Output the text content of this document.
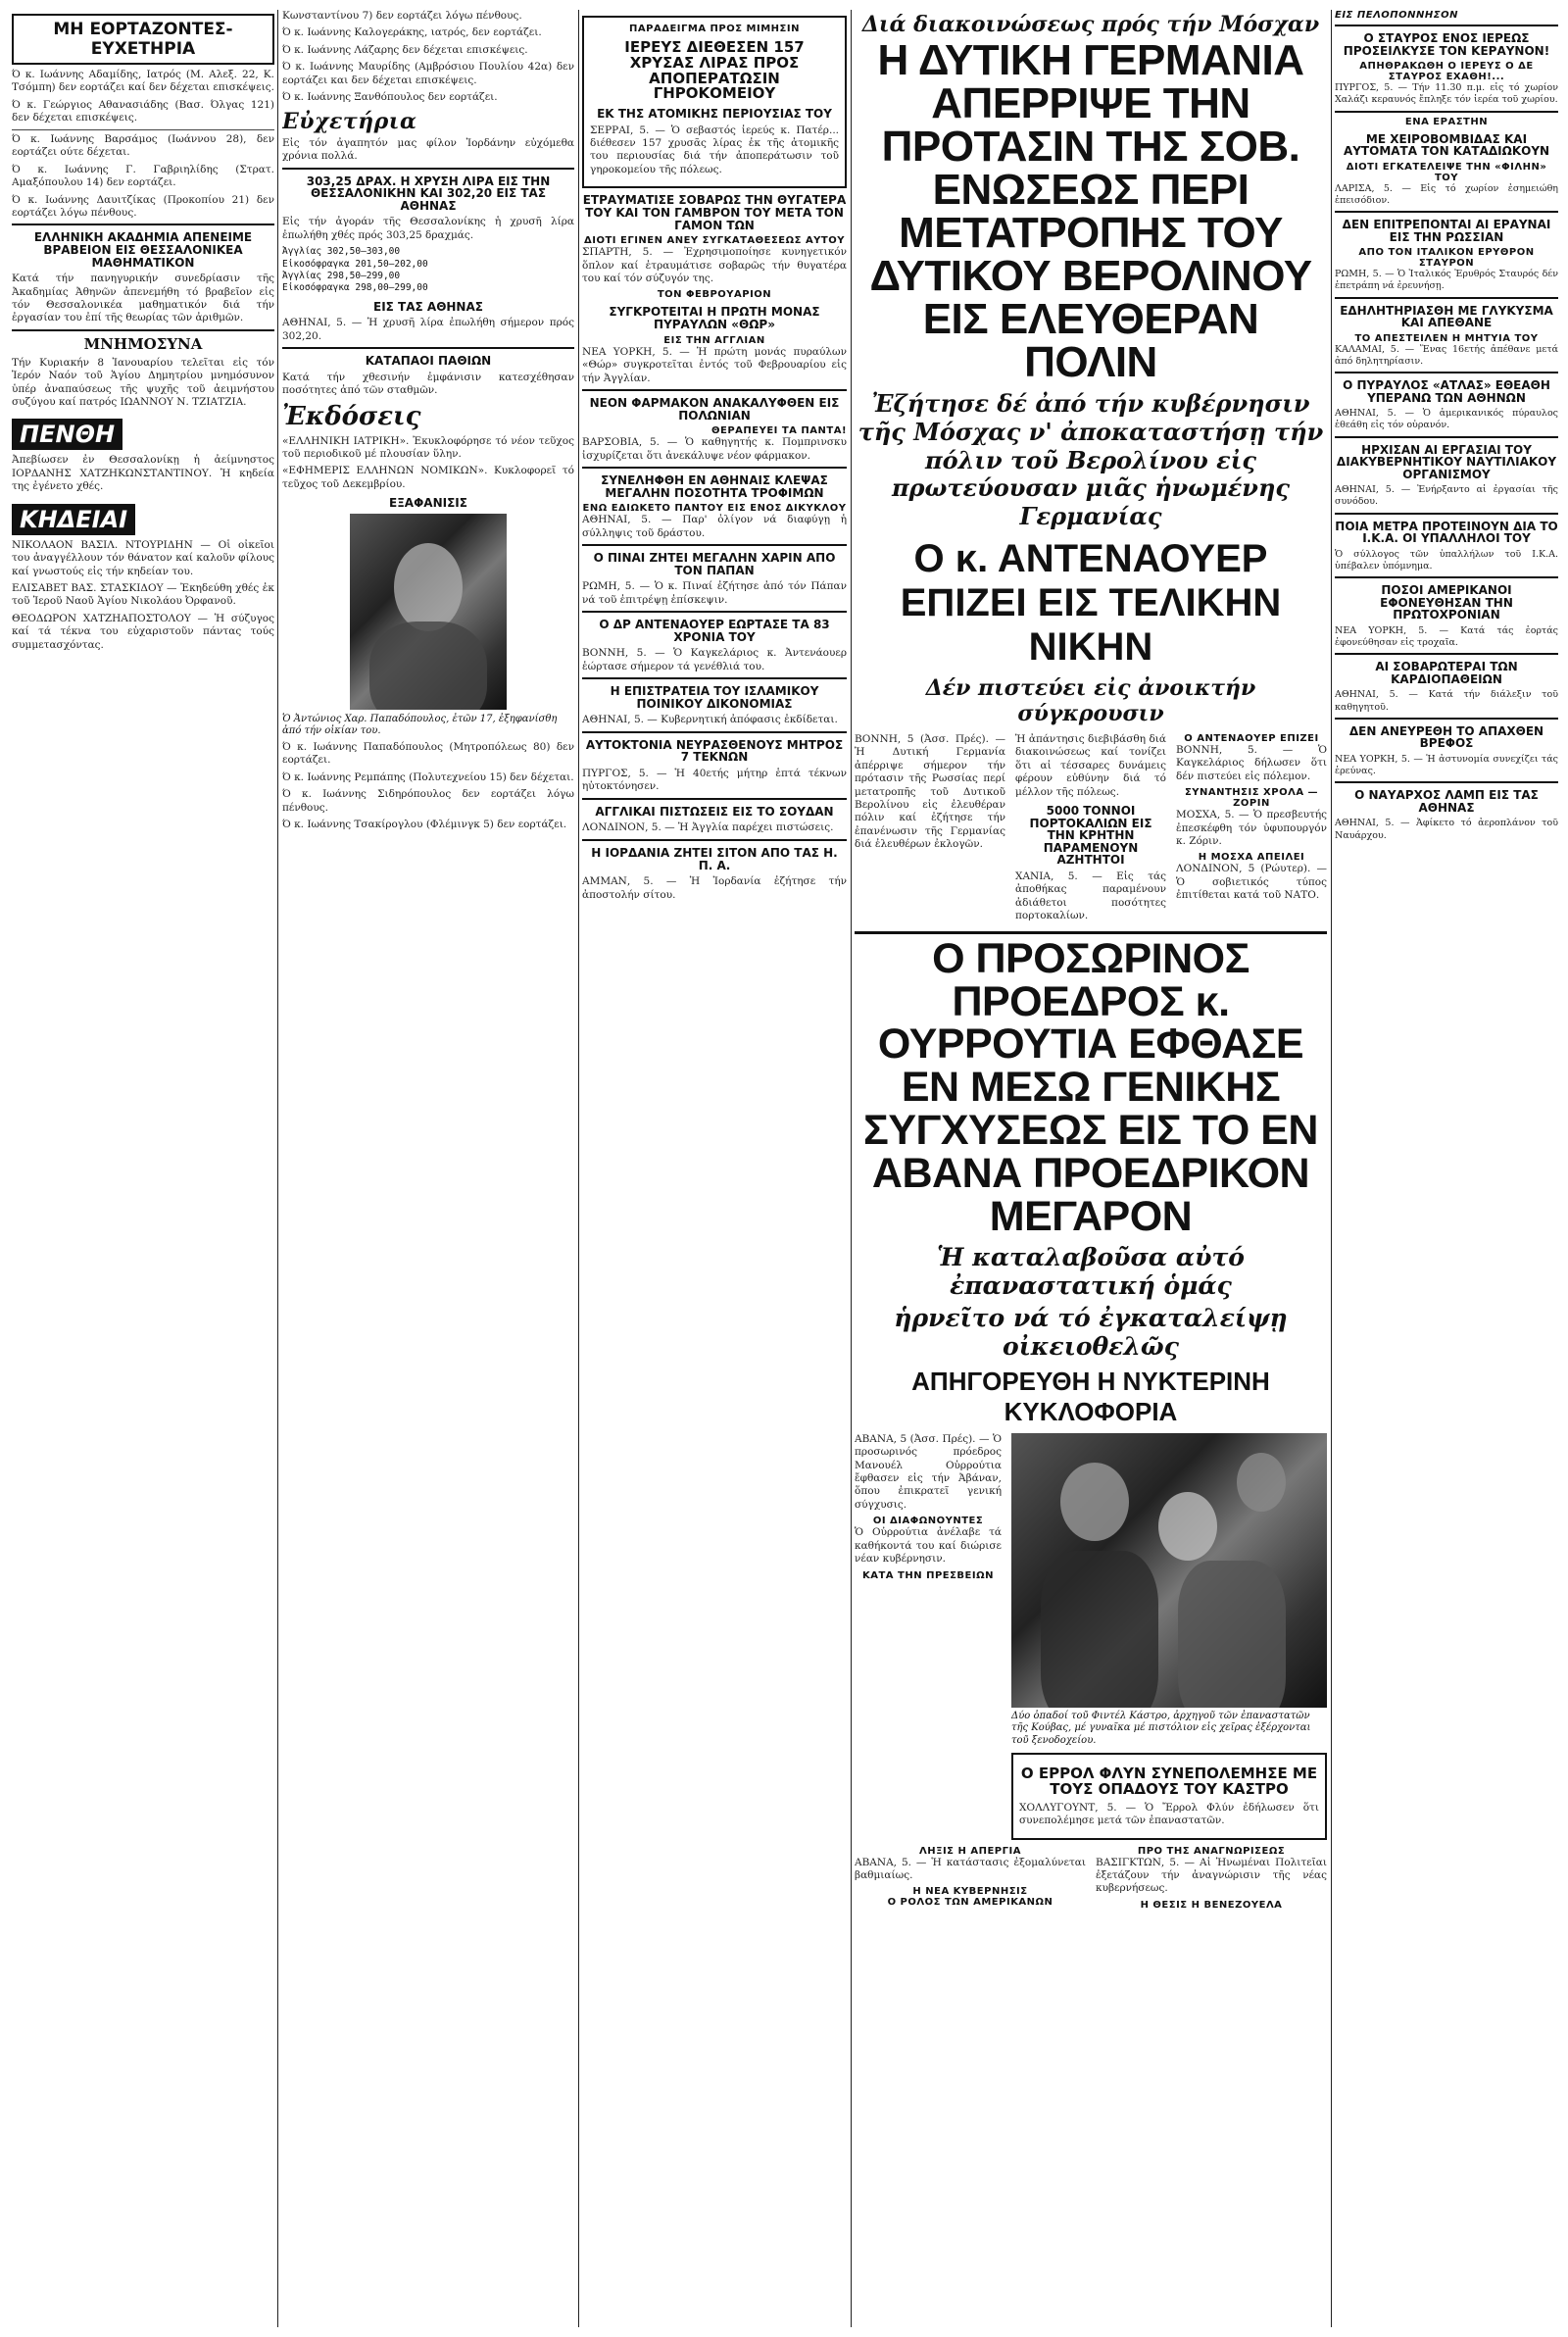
ΜΗ ΕΟΡΤΑΖΟΝΤΕΣ-ΕΥΧΕΤΗΡΙΑ

Ό κ. Ιωάννης Αδαμίδης, Ιατρός (Μ. Αλεξ. 22, Κ. Τσόμπη) δεν εορτάζει καί δεν δέχεται επισκέψεις.

Ό κ. Γεώργιος Αθανασιάδης (Βασ. Όλγας 121) δεν δέχεται επισκέψεις.

Ό κ. Ιωάννης Βαρσάμος (Ιωάννου 28), δεν εορτάζει ούτε δέχεται.

Ό κ. Ιωάννης Γ. Γαβριηλίδης (Στρατ. Αμαξόπουλου 14) δεν εορτάζει.

Ό κ. Ιωάννης Δαυιτζίκας (Προκοπίου 21) δεν εορτάζει λόγω πένθους.

ΕΛΛΗΝΙΚΗ ΑΚΑΔΗΜΙΑ ΑΠΕΝΕΙΜΕ ΒΡΑΒΕΙΟΝ ΕΙΣ ΘΕΣΣΑΛΟΝΙΚΕΑ ΜΑΘΗΜΑΤΙΚΟΝ

Κατά τήν πανηγυρικήν συνεδρίασιν τῆς Ἀκαδημίας Ἀθηνῶν ἀπενεμήθη τό βραβεῖον εἰς τόν Θεσσαλονικέα μαθηματικόν διά τήν ἐργασίαν του ἐπί τῆς θεωρίας τῶν ἀριθμῶν.

ΜΝΗΜΟΣΥΝΑ

Τήν Κυριακήν 8 Ἰανουαρίου τελεῖται εἰς τόν Ἱερόν Ναόν τοῦ Ἁγίου Δημητρίου μνημόσυνον ὑπέρ ἀναπαύσεως τῆς ψυχῆς τοῦ ἀειμνήστου συζύγου καί πατρός ΙΩΑΝΝΟΥ Ν. ΤΖΙΑΤΖΙΑ.

ΠΕΝΘΗ

Ἀπεβίωσεν ἐν Θεσσαλονίκῃ ἡ ἀείμνηστος ΙΟΡΔΑΝΗΣ ΧΑΤΖΗΚΩΝΣΤΑΝΤΙΝΟΥ. Ἡ κηδεία της ἐγένετο χθές.

ΚΗΔΕΙΑΙ

ΝΙΚΟΛΑΟΝ ΒΑΣΙΛ. ΝΤΟΥΡΙΔΗΝ — Οἱ οἰκεῖοι του ἀναγγέλλουν τόν θάνατον καί καλοῦν φίλους καί γνωστούς εἰς τήν κηδείαν του.

ΕΛΙΣΑΒΕΤ ΒΑΣ. ΣΤΑΣΚΙΔΟΥ — Ἐκηδεύθη χθές ἐκ τοῦ Ἱεροῦ Ναοῦ Ἁγίου Νικολάου Ὀρφανοῦ.

ΘΕΟΔΩΡΟΝ ΧΑΤΖΗΑΠΟΣΤΟΛΟΥ — Ἡ σύζυγος καί τά τέκνα του εὐχαριστοῦν πάντας τούς συμμετασχόντας.

Κωνσταντίνου 7) δεν εορτάζει λόγω πένθους.

Ό κ. Ιωάννης Καλογεράκης, ιατρός, δεν εορτάζει.

Ό κ. Ιωάννης Λάζαρης δεν δέχεται επισκέψεις.

Ό κ. Ιωάννης Μαυρίδης (Αμβρόσιου Πουλίου 42α) δεν εορτάζει και δεν δέχεται επισκέψεις.

Ό κ. Ιωάννης Ξανθόπουλος δεν εορτάζει.

Εὐχετήρια

Εἰς τόν ἀγαπητόν μας φίλον Ἰορδάνην εὐχόμεθα χρόνια πολλά.

303,25 ΔΡΑΧ. Η ΧΡΥΣΗ ΛΙΡΑ ΕΙΣ ΤΗΝ ΘΕΣΣΑΛΟΝΙΚΗΝ ΚΑΙ 302,20 ΕΙΣ ΤΑΣ ΑΘΗΝΑΣ

Εἰς τήν ἀγοράν τῆς Θεσσαλονίκης ἡ χρυσῆ λίρα ἐπωλήθη χθές πρός 303,25 δραχμάς.

Ἀγγλίας 302,50—303,00
Εἰκοσόφραγκα 201,50—202,00
Ἀγγλίας 298,50—299,00
Εἰκοσόφραγκα 298,00—299,00
ΕΙΣ ΤΑΣ ΑΘΗΝΑΣ

ΑΘΗΝΑΙ, 5. — Ἡ χρυσῆ λίρα ἐπωλήθη σήμερον πρός 302,20.

ΚΑΤΑΠΑΟΙ ΠΑΘΙΩΝ

Κατά τήν χθεσινήν ἐμφάνισιν κατεσχέθησαν ποσότητες ἀπό τῶν σταθμῶν.

Ἐκδόσεις

«ΕΛΛΗΝΙΚΗ ΙΑΤΡΙΚΗ». Ἐκυκλοφόρησε τό νέον τεῦχος τοῦ περιοδικοῦ μέ πλουσίαν ὕλην.

«ΕΦΗΜΕΡΙΣ ΕΛΛΗΝΩΝ ΝΟΜΙΚΩΝ». Κυκλοφορεῖ τό τεῦχος τοῦ Δεκεμβρίου.

ΕΞΑΦΑΝΙΣΙΣ

Ὁ Ἀντώνιος Χαρ. Παπαδόπουλος, ἐτῶν 17, ἐξηφανίσθη ἀπό τήν οἰκίαν του.

Ό κ. Ιωάννης Παπαδόπουλος (Μητροπόλεως 80) δεν εορτάζει.

Ό κ. Ιωάννης Ρεμπάπης (Πολυτεχνείου 15) δεν δέχεται.

Ό κ. Ιωάννης Σιδηρόπουλος δεν εορτάζει λόγω πένθους.

Ό κ. Ιωάννης Τσακίρογλου (Φλέμινγκ 5) δεν εορτάζει.

ΠΑΡΑΔΕΙΓΜΑ ΠΡΟΣ ΜΙΜΗΣΙΝ
ΙΕΡΕΥΣ ΔΙΕΘΕΣΕΝ 157 ΧΡΥΣΑΣ ΛΙΡΑΣ ΠΡΟΣ ΑΠΟΠΕΡΑΤΩΣΙΝ ΓΗΡΟΚΟΜΕΙΟΥ
ΕΚ ΤΗΣ ΑΤΟΜΙΚΗΣ ΠΕΡΙΟΥΣΙΑΣ ΤΟΥ

ΣΕΡΡΑΙ, 5. — Ὁ σεβαστός ἱερεύς κ. Πατέρ... διέθεσεν 157 χρυσᾶς λίρας ἐκ τῆς ἀτομικῆς του περιουσίας διά τήν ἀποπεράτωσιν τοῦ γηροκομείου τῆς πόλεως.

ΕΤΡΑΥΜΑΤΙΣΕ ΣΟΒΑΡΩΣ ΤΗΝ ΘΥΓΑΤΕΡΑ ΤΟΥ ΚΑΙ ΤΟΝ ΓΑΜΒΡΟΝ ΤΟΥ ΜΕΤΑ ΤΟΝ ΓΑΜΟΝ ΤΩΝ
ΔΙΟΤΙ ΕΓΙΝΕΝ ΑΝΕΥ ΣΥΓΚΑΤΑΘΕΣΕΩΣ ΑΥΤΟΥ

ΣΠΑΡΤΗ, 5. — Ἐχρησιμοποίησε κυνηγετικόν ὅπλον καί ἐτραυμάτισε σοβαρῶς τήν θυγατέρα του καί τόν σύζυγόν της.

ΤΟΝ ΦΕΒΡΟΥΑΡΙΟΝ
ΣΥΓΚΡΟΤΕΙΤΑΙ Η ΠΡΩΤΗ ΜΟΝΑΣ ΠΥΡΑΥΛΩΝ «ΘΩΡ»
ΕΙΣ ΤΗΝ ΑΓΓΛΙΑΝ

ΝΕΑ ΥΟΡΚΗ, 5. — Ἡ πρώτη μονάς πυραύλων «Θώρ» συγκροτεῖται ἐντός τοῦ Φεβρουαρίου εἰς τήν Ἀγγλίαν.

ΝΕΟΝ ΦΑΡΜΑΚΟΝ ΑΝΑΚΑΛΥΦΘΕΝ ΕΙΣ ΠΟΛΩΝΙΑΝ
ΘΕΡΑΠΕΥΕΙ ΤΑ ΠΑΝΤΑ!

ΒΑΡΣΟΒΙΑ, 5. — Ὁ καθηγητής κ. Πομπρινσκυ ἰσχυρίζεται ὅτι ἀνεκάλυψε νέον φάρμακον.

ΣΥΝΕΛΗΦΘΗ ΕΝ ΑΘΗΝΑΙΣ ΚΛΕΨΑΣ ΜΕΓΑΛΗΝ ΠΟΣΟΤΗΤΑ ΤΡΟΦΙΜΩΝ
ΕΝΩ ΕΔΙΩΚΕΤΟ ΠΑΝΤΟΥ ΕΙΣ ΕΝΟΣ ΔΙΚΥΚΛΟΥ

ΑΘΗΝΑΙ, 5. — Παρ' ὀλίγον νά διαφύγῃ ἡ σύλληψις τοῦ δράστου.

Ο ΠΙΝΑΙ ΖΗΤΕΙ ΜΕΓΑΛΗΝ ΧΑΡΙΝ ΑΠΟ ΤΟΝ ΠΑΠΑΝ

ΡΩΜΗ, 5. — Ὁ κ. Πιναί ἐζήτησε ἀπό τόν Πάπαν νά τοῦ ἐπιτρέψῃ ἐπίσκεψιν.

Ο ΔΡ ΑΝΤΕΝΑΟΥΕΡ ΕΩΡΤΑΣΕ ΤΑ 83 ΧΡΟΝΙΑ ΤΟΥ

ΒΟΝΝΗ, 5. — Ὁ Καγκελάριος κ. Ἀντενάουερ ἑώρτασε σήμερον τά γενέθλιά του.

Η ΕΠΙΣΤΡΑΤΕΙΑ ΤΟΥ ΙΣΛΑΜΙΚΟΥ ΠΟΙΝΙΚΟΥ ΔΙΚΟΝΟΜΙΑΣ

ΑΘΗΝΑΙ, 5. — Κυβερνητική ἀπόφασις ἐκδίδεται.

ΑΥΤΟΚΤΟΝΙΑ ΝΕΥΡΑΣΘΕΝΟΥΣ ΜΗΤΡΟΣ 7 ΤΕΚΝΩΝ

ΠΥΡΓΟΣ, 5. — Ἡ 40ετής μήτηρ ἑπτά τέκνων ηὐτοκτόνησεν.

ΑΓΓΛΙΚΑΙ ΠΙΣΤΩΣΕΙΣ ΕΙΣ ΤΟ ΣΟΥΔΑΝ

ΛΟΝΔΙΝΟΝ, 5. — Ἡ Ἀγγλία παρέχει πιστώσεις.

Η ΙΟΡΔΑΝΙΑ ΖΗΤΕΙ ΣΙΤΟΝ ΑΠΟ ΤΑΣ Η. Π. Α.

ΑΜΜΑΝ, 5. — Ἡ Ἰορδανία ἐζήτησε τήν ἀποστολήν σίτου.

Διά διακοινώσεως πρός τήν Μόσχαν
Η ΔΥΤΙΚΗ ΓΕΡΜΑΝΙΑ ΑΠΕΡΡΙΨΕ ΤΗΝ ΠΡΟΤΑΣΙΝ ΤΗΣ ΣΟΒ. ΕΝΩΣΕΩΣ ΠΕΡΙ ΜΕΤΑΤΡΟΠΗΣ ΤΟΥ ΔΥΤΙΚΟΥ ΒΕΡΟΛΙΝΟΥ ΕΙΣ ΕΛΕΥΘΕΡΑΝ ΠΟΛΙΝ
Ἐζήτησε δέ ἀπό τήν κυβέρνησιν τῆς Μόσχας ν' ἀποκαταστήσῃ τήν πόλιν τοῦ Βερολίνου εἰς πρωτεύουσαν μιᾶς ἡνωμένης Γερμανίας
Ο κ. ΑΝΤΕΝΑΟΥΕΡ ΕΠΙΖΕΙ ΕΙΣ ΤΕΛΙΚΗΝ ΝΙΚΗΝ
Δέν πιστεύει εἰς ἀνοικτήν σύγκρουσιν

ΒΟΝΝΗ, 5 (Ἀσσ. Πρές). — Ἡ Δυτική Γερμανία ἀπέρριψε σήμερον τήν πρότασιν τῆς Ρωσσίας περί μετατροπῆς τοῦ Δυτικοῦ Βερολίνου εἰς ἐλευθέραν πόλιν καί ἐζήτησε τήν ἐπανένωσιν τῆς Γερμανίας διά ἐλευθέρων ἐκλογῶν.

Ἡ ἀπάντησις διεβιβάσθη διά διακοινώσεως καί τονίζει ὅτι αἱ τέσσαρες δυνάμεις φέρουν εὐθύνην διά τό μέλλον τῆς πόλεως.

5000 ΤΟΝΝΟΙ ΠΟΡΤΟΚΑΛΙΩΝ ΕΙΣ ΤΗΝ ΚΡΗΤΗΝ ΠΑΡΑΜΕΝΟΥΝ ΑΖΗΤΗΤΟΙ

ΧΑΝΙΑ, 5. — Εἰς τάς ἀποθήκας παραμένουν ἀδιάθετοι ποσότητες πορτοκαλίων.

Ο ΑΝΤΕΝΑΟΥΕΡ ΕΠΙΖΕΙ

ΒΟΝΝΗ, 5. — Ὁ Καγκελάριος δήλωσεν ὅτι δέν πιστεύει εἰς πόλεμον.

ΣΥΝΑΝΤΗΣΙΣ ΧΡΟΛΑ — ΖΟΡΙΝ

ΜΟΣΧΑ, 5. — Ὁ πρεσβευτής ἐπεσκέφθη τόν ὑφυπουργόν κ. Ζόριν.

Η ΜΟΣΧΑ ΑΠΕΙΛΕΙ

ΛΟΝΔΙΝΟΝ, 5 (Ρώυτερ). — Ὁ σοβιετικός τύπος ἐπιτίθεται κατά τοῦ ΝΑΤΟ.

Ο ΠΡΟΣΩΡΙΝΟΣ ΠΡΟΕΔΡΟΣ κ. ΟΥΡΡΟΥΤΙΑ ΕΦΘΑΣΕ ΕΝ ΜΕΣΩ ΓΕΝΙΚΗΣ ΣΥΓΧΥΣΕΩΣ ΕΙΣ ΤΟ ΕΝ ΑΒΑΝΑ ΠΡΟΕΔΡΙΚΟΝ ΜΕΓΑΡΟΝ
Ἡ καταλαβοῦσα αὐτό ἐπαναστατική ὁμάς
ἡρνεῖτο νά τό ἐγκαταλείψῃ οἰκειοθελῶς
ΑΠΗΓΟΡΕΥΘΗ Η ΝΥΚΤΕΡΙΝΗ ΚΥΚΛΟΦΟΡΙΑ

ΑΒΑΝΑ, 5 (Ἀσσ. Πρές). — Ὁ προσωρινός πρόεδρος Μανουέλ Οὐρρούτια ἔφθασεν εἰς τήν Ἀβάναν, ὅπου ἐπικρατεῖ γενική σύγχυσις.

ΟΙ ΔΙΑΦΩΝΟΥΝΤΕΣ

Ὁ Οὐρρούτια ἀνέλαβε τά καθήκοντά του καί διώρισε νέαν κυβέρνησιν.

ΚΑΤΑ ΤΗΝ ΠΡΕΣΒΕΙΩΝ

Δύο ὀπαδοί τοῦ Φιντέλ Κάστρο, ἀρχηγοῦ τῶν ἐπαναστατῶν τῆς Κούβας, μέ γυναῖκα μέ πιστόλιον εἰς χεῖρας ἐξέρχονται τοῦ ξενοδοχείου.

Ο ΕΡΡΟΛ ΦΛΥΝ ΣΥΝΕΠΟΛΕΜΗΣΕ ΜΕ ΤΟΥΣ ΟΠΑΔΟΥΣ ΤΟΥ ΚΑΣΤΡΟ

ΧΟΛΛΥΓΟΥΝΤ, 5. — Ὁ Ἔρρολ Φλύν ἐδήλωσεν ὅτι συνεπολέμησε μετά τῶν ἐπαναστατῶν.

ΛΗΞΙΣ Η ΑΠΕΡΓΙΑ

ΑΒΑΝΑ, 5. — Ἡ κατάστασις ἐξομαλύνεται βαθμιαίως.

Η ΝΕΑ ΚΥΒΕΡΝΗΣΙΣ
Ο ΡΟΛΟΣ ΤΩΝ ΑΜΕΡΙΚΑΝΩΝ
ΠΡΟ ΤΗΣ ΑΝΑΓΝΩΡΙΣΕΩΣ

ΒΑΣΙΓΚΤΩΝ, 5. — Αἱ Ἡνωμέναι Πολιτεῖαι ἐξετάζουν τήν ἀναγνώρισιν τῆς νέας κυβερνήσεως.

Η ΘΕΣΙΣ Η ΒΕΝΕΖΟΥΕΛΑ
ΕΙΣ ΠΕΛΟΠΟΝΝΗΣΟΝ
Ο ΣΤΑΥΡΟΣ ΕΝΟΣ ΙΕΡΕΩΣ ΠΡΟΣΕΙΛΚΥΣΕ ΤΟΝ ΚΕΡΑΥΝΟΝ!
ΑΠΗΘΡΑΚΩΘΗ Ο ΙΕΡΕΥΣ Ο ΔΕ ΣΤΑΥΡΟΣ ΕΧΑΘΗ!...

ΠΥΡΓΟΣ, 5. — Τήν 11.30 π.μ. εἰς τό χωρίον Χαλάζι κεραυνός ἔπληξε τόν ἱερέα τοῦ χωρίου.

ΕΝΑ ΕΡΑΣΤΗΝ
ΜΕ ΧΕΙΡΟΒΟΜΒΙΔΑΣ ΚΑΙ ΑΥΤΟΜΑΤΑ ΤΟΝ ΚΑΤΑΔΙΩΚΟΥΝ
ΔΙΟΤΙ ΕΓΚΑΤΕΛΕΙΨΕ ΤΗΝ «ΦΙΛΗΝ» ΤΟΥ

ΛΑΡΙΣΑ, 5. — Εἰς τό χωρίον ἐσημειώθη ἐπεισόδιον.

ΔΕΝ ΕΠΙΤΡΕΠΟΝΤΑΙ ΑΙ ΕΡΑΥΝΑΙ ΕΙΣ ΤΗΝ ΡΩΣΣΙΑΝ
ΑΠΟ ΤΟΝ ΙΤΑΛΙΚΟΝ ΕΡΥΘΡΟΝ ΣΤΑΥΡΟΝ

ΡΩΜΗ, 5. — Ὁ Ἰταλικός Ἐρυθρός Σταυρός δέν ἐπετράπη νά ἐρευνήσῃ.

ΕΔΗΛΗΤΗΡΙΑΣΘΗ ΜΕ ΓΛΥΚΥΣΜΑ ΚΑΙ ΑΠΕΘΑΝΕ
ΤΟ ΑΠΕΣΤΕΙΛΕΝ Η ΜΗΤΥΙΑ ΤΟΥ

ΚΑΛΑΜΑΙ, 5. — Ἕνας 16ετής ἀπέθανε μετά ἀπό δηλητηρίασιν.

Ο ΠΥΡΑΥΛΟΣ «ΑΤΛΑΣ» ΕΘΕΑΘΗ ΥΠΕΡΑΝΩ ΤΩΝ ΑΘΗΝΩΝ

ΑΘΗΝΑΙ, 5. — Ὁ ἀμερικανικός πύραυλος ἐθεάθη εἰς τόν οὐρανόν.

ΗΡΧΙΣΑΝ ΑΙ ΕΡΓΑΣΙΑΙ ΤΟΥ ΔΙΑΚΥΒΕΡΝΗΤΙΚΟΥ ΝΑΥΤΙΛΙΑΚΟΥ ΟΡΓΑΝΙΣΜΟΥ

ΑΘΗΝΑΙ, 5. — Ἐνήρξαντο αἱ ἐργασίαι τῆς συνόδου.

ΠΟΙΑ ΜΕΤΡΑ ΠΡΟΤΕΙΝΟΥΝ ΔΙΑ ΤΟ Ι.Κ.Α. ΟΙ ΥΠΑΛΛΗΛΟΙ ΤΟΥ

Ὁ σύλλογος τῶν ὑπαλλήλων τοῦ Ι.Κ.Α. ὑπέβαλεν ὑπόμνημα.

ΠΟΣΟΙ ΑΜΕΡΙΚΑΝΟΙ ΕΦΟΝΕΥΘΗΣΑΝ ΤΗΝ ΠΡΩΤΟΧΡΟΝΙΑΝ

ΝΕΑ ΥΟΡΚΗ, 5. — Κατά τάς ἑορτάς ἐφονεύθησαν εἰς τροχαῖα.

ΑΙ ΣΟΒΑΡΩΤΕΡΑΙ ΤΩΝ ΚΑΡΔΙΟΠΑΘΕΙΩΝ

ΑΘΗΝΑΙ, 5. — Κατά τήν διάλεξιν τοῦ καθηγητοῦ.

ΔΕΝ ΑΝΕΥΡΕΘΗ ΤΟ ΑΠΑΧΘΕΝ ΒΡΕΦΟΣ

ΝΕΑ ΥΟΡΚΗ, 5. — Ἡ ἀστυνομία συνεχίζει τάς ἐρεύνας.

Ο ΝΑΥΑΡΧΟΣ ΛΑΜΠ ΕΙΣ ΤΑΣ ΑΘΗΝΑΣ

ΑΘΗΝΑΙ, 5. — Ἀφίκετο τό ἀεροπλάνον τοῦ Ναυάρχου.
